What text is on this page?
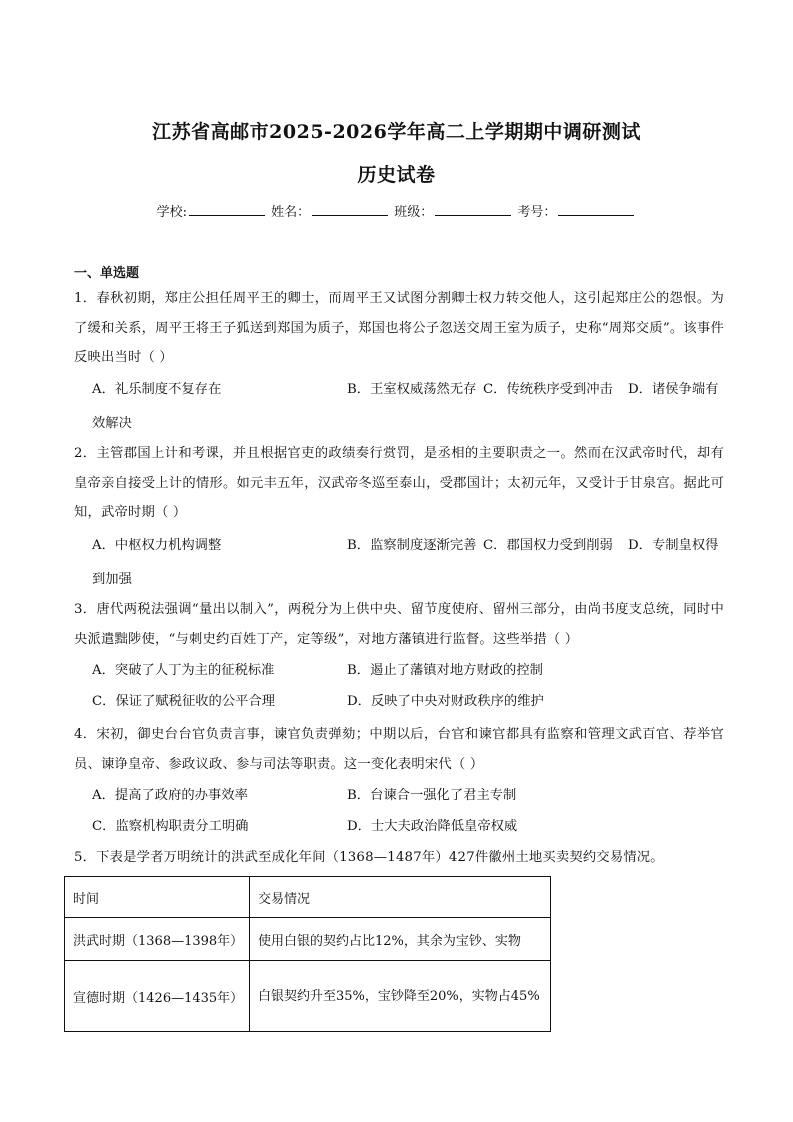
江苏省高邮市2025-2026学年高二上学期期中调研测试
历史试卷
学校:	姓名：	班级：	考号：
一、单选题
1．春秋初期，郑庄公担任周平王的卿士，而周平王又试图分割卿士权力转交他人，这引起郑庄公的怨恨。为了缓和关系，周平王将王子狐送到郑国为质子，郑国也将公子忽送交周王室为质子，史称“周郑交质”。该事件反映出当时（ ）
A．礼乐制度不复存在	B．王室权威荡然无存 C．传统秩序受到冲击 D．诸侯争端有
效解决
2．主管郡国上计和考课，并且根据官吏的政绩奏行赏罚，是丞相的主要职责之一。然而在汉武帝时代，却有皇帝亲自接受上计的情形。如元丰五年，汉武帝冬巡至泰山，受郡国计；太初元年，又受计于甘泉宫。据此可知，武帝时期（ ）
A．中枢权力机构调整	B．监察制度逐渐完善 C．郡国权力受到削弱 D．专制皇权得
到加强
3．唐代两税法强调“量出以制入”，两税分为上供中央、留节度使府、留州三部分，由尚书度支总统，同时中央派遣黜陟使，“与刺史约百姓丁产，定等级”，对地方藩镇进行监督。这些举措（ ）
A．突破了人丁为主的征税标准	B．遏止了藩镇对地方财政的控制
C．保证了赋税征收的公平合理	D．反映了中央对财政秩序的维护
4．宋初，御史台台官负责言事，谏官负责弹劾；中期以后，台官和谏官都具有监察和管理文武百官、荐举官员、谏诤皇帝、参政议政、参与司法等职责。这一变化表明宋代（ ）
A．提高了政府的办事效率	B．台谏合一强化了君主专制
C．监察机构职责分工明确	D．士大夫政治降低皇帝权威
5．下表是学者万明统计的洪武至成化年间（1368—1487年）427件徽州土地买卖契约交易情况。
时间	交易情况
洪武时期（1368—1398年）	使用白银的契约占比12%，其余为宝钞、实物
宣德时期（1426—1435年）	白银契约升至35%，宝钞降至20%，实物占45%
